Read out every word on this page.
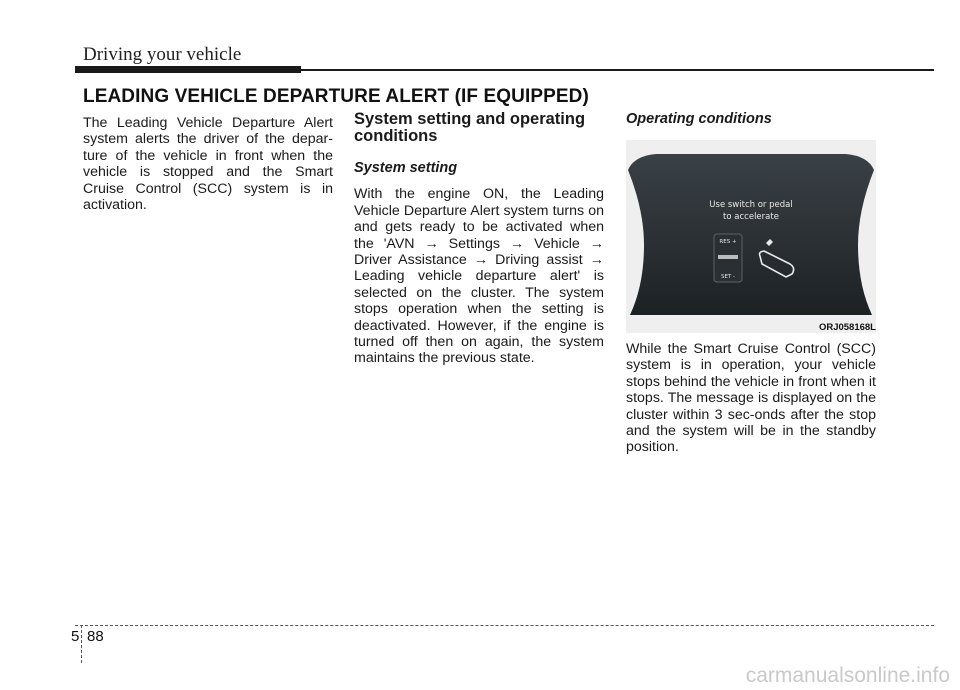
Driving your vehicle
LEADING VEHICLE DEPARTURE ALERT (IF EQUIPPED)

The Leading Vehicle Departure Alert system alerts the driver of the depar-ture of the vehicle in front when the vehicle is stopped and the Smart Cruise Control (SCC) system is in activation.

System setting and operating conditions
System setting

With the engine ON, the Leading Vehicle Departure Alert system turns on and gets ready to be activated when the 'AVN → Settings → Vehicle → Driver Assistance → Driving assist → Leading vehicle departure alert' is selected on the cluster. The system stops operation when the setting is deactivated. However, if the engine is turned off then on again, the system maintains the previous state.

Operating conditions
Use switch or pedal
to accelerate
RES +
SET -
ORJ058168L

While the Smart Cruise Control (SCC) system is in operation, your vehicle stops behind the vehicle in front when it stops. The message is displayed on the cluster within 3 sec-onds after the stop and the system will be in the standby position.

5 88
carmanualsonline.info
